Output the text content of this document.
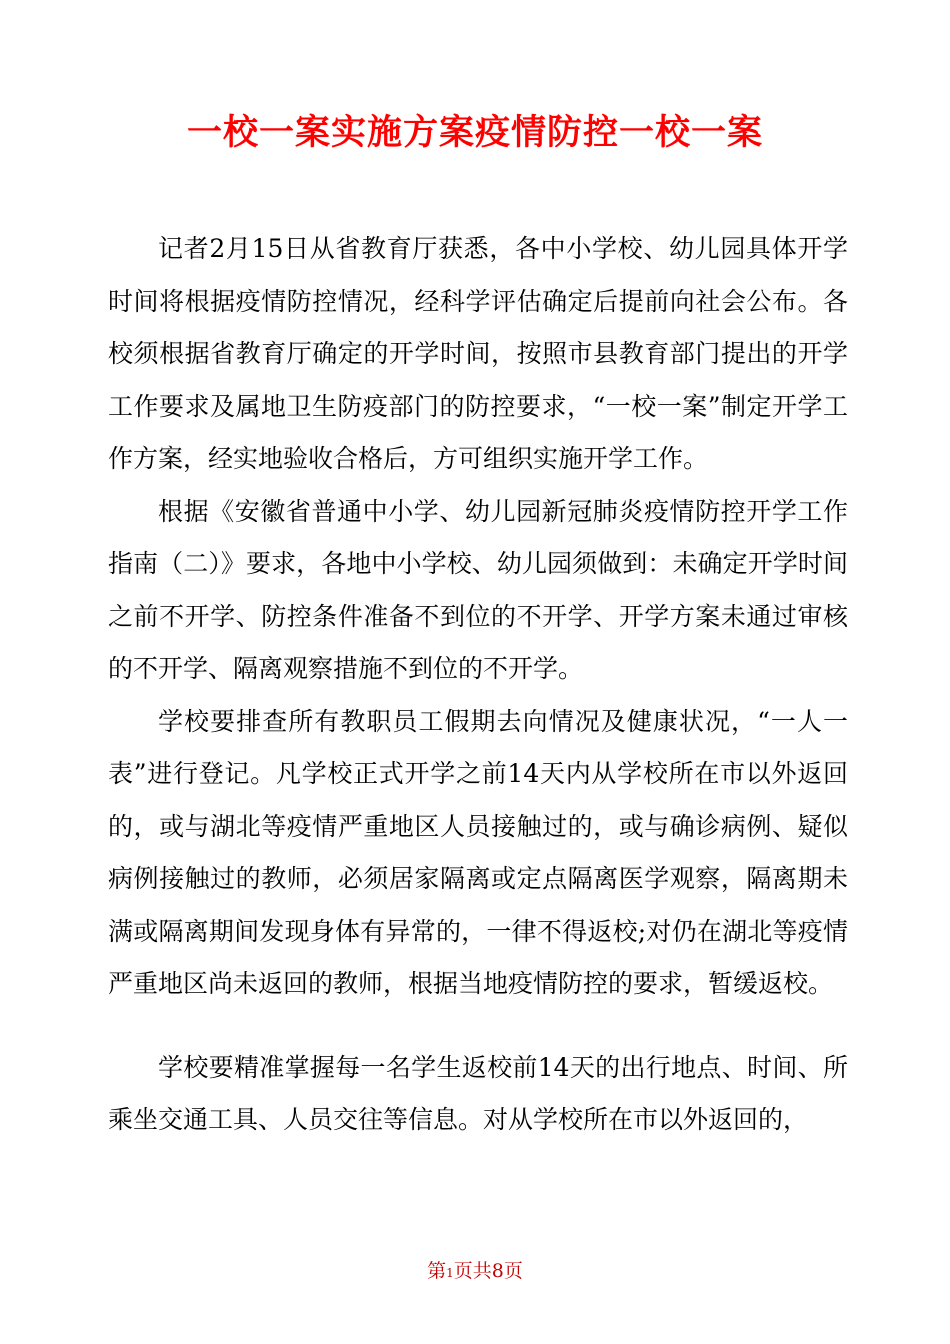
一校一案实施方案疫情防控一校一案

记者2月15日从省教育厅获悉，各中小学校、幼儿园具体开学时间将根据疫情防控情况，经科学评估确定后提前向社会公布。各校须根据省教育厅确定的开学时间，按照市县教育部门提出的开学工作要求及属地卫生防疫部门的防控要求，“一校一案”制定开学工作方案，经实地验收合格后，方可组织实施开学工作。

根据《安徽省普通中小学、幼儿园新冠肺炎疫情防控开学工作指南（二）》要求，各地中小学校、幼儿园须做到：未确定开学时间之前不开学、防控条件准备不到位的不开学、开学方案未通过审核的不开学、隔离观察措施不到位的不开学。

学校要排查所有教职员工假期去向情况及健康状况，“一人一表”进行登记。凡学校正式开学之前14天内从学校所在市以外返回的，或与湖北等疫情严重地区人员接触过的，或与确诊病例、疑似病例接触过的教师，必须居家隔离或定点隔离医学观察，隔离期未满或隔离期间发现身体有异常的，一律不得返校;对仍在湖北等疫情严重地区尚未返回的教师，根据当地疫情防控的要求，暂缓返校。

学校要精准掌握每一名学生返校前14天的出行地点、时间、所乘坐交通工具、人员交往等信息。对从学校所在市以外返回的，

第1页共8页
